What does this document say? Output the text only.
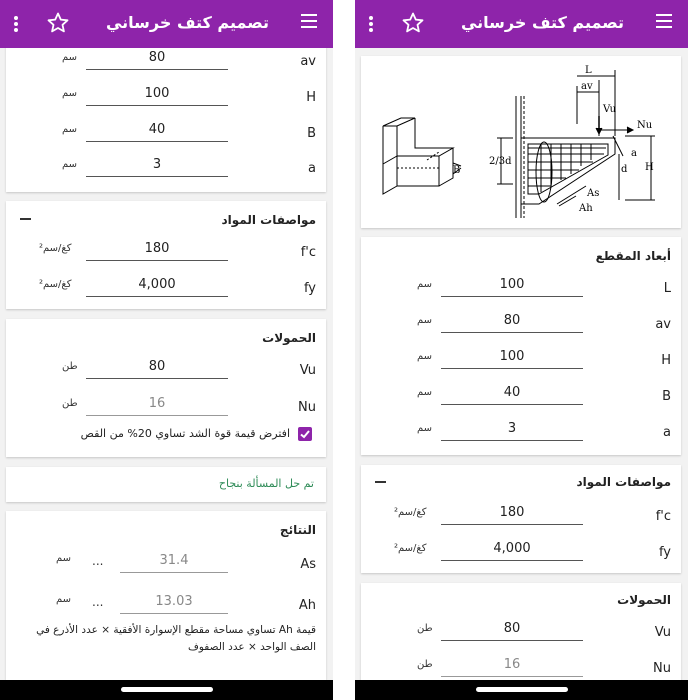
av
80
سم
H
100
سم
B
40
سم
a
3
سم
مواصفات المواد
f'c
180
كغ/سم²
fy
4,000
كغ/سم²
الحمولات
Vu
80
طن
Nu
16
طن
افترض قيمة قوة الشد تساوي 20% من القص
تم حل المسألة بنجاح
النتائج
As
31.4
...
سم
Ah
13.03
...
سم
قيمة Ah تساوي مساحة مقطع الإسوارة الأفقية × عدد الأذرع في الصف الواحد × عدد الصفوف
تصميم كتف خرساني
L
av
Vu
Nu
a
H
d
2/3d
B
As
Ah
أبعاد المقطع
L
100
سم
av
80
سم
H
100
سم
B
40
سم
a
3
سم
مواصفات المواد
f'c
180
كغ/سم²
fy
4,000
كغ/سم²
الحمولات
Vu
80
طن
Nu
16
طن
تصميم كتف خرساني
